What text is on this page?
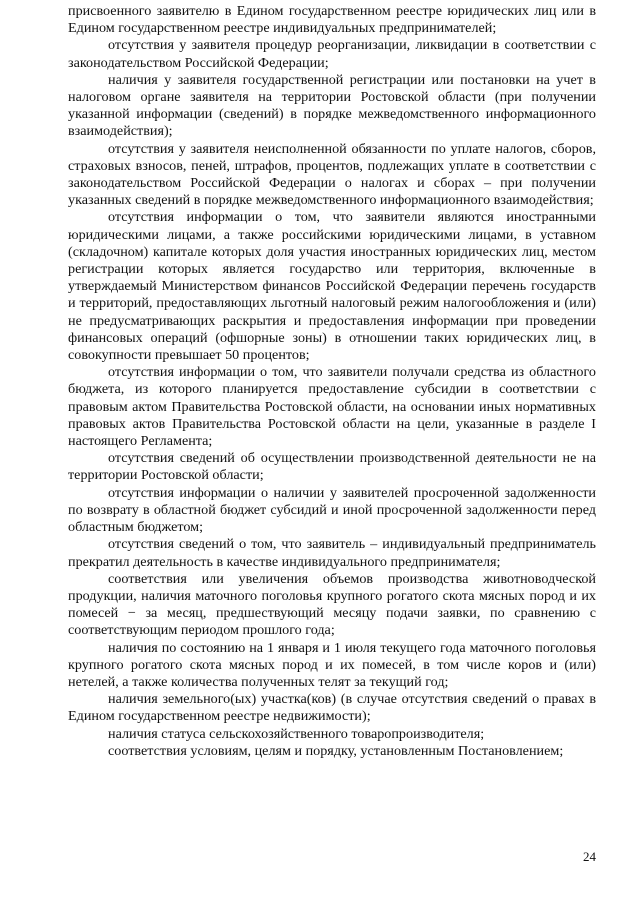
присвоенного заявителю в Едином государственном реестре юридических лиц или в Едином государственном реестре индивидуальных предпринимателей;

отсутствия у заявителя процедур реорганизации, ликвидации в соответствии с законодательством Российской Федерации;

наличия у заявителя государственной регистрации или постановки на учет в налоговом органе заявителя на территории Ростовской области (при получении указанной информации (сведений) в порядке межведомственного информационного взаимодействия);

отсутствия у заявителя неисполненной обязанности по уплате налогов, сборов, страховых взносов, пеней, штрафов, процентов, подлежащих уплате в соответствии с законодательством Российской Федерации о налогах и сборах – при получении указанных сведений в порядке межведомственного информационного взаимодействия;

отсутствия информации о том, что заявители являются иностранными юридическими лицами, а также российскими юридическими лицами, в уставном (складочном) капитале которых доля участия иностранных юридических лиц, местом регистрации которых является государство или территория, включенные в утверждаемый Министерством финансов Российской Федерации перечень государств и территорий, предоставляющих льготный налоговый режим налогообложения и (или) не предусматривающих раскрытия и предоставления информации при проведении финансовых операций (офшорные зоны) в отношении таких юридических лиц, в совокупности превышает 50 процентов;

отсутствия информации о том, что заявители получали средства из областного бюджета, из которого планируется предоставление субсидии в соответствии с правовым актом Правительства Ростовской области, на основании иных нормативных правовых актов Правительства Ростовской области на цели, указанные в разделе I настоящего Регламента;

отсутствия сведений об осуществлении производственной деятельности не на территории Ростовской области;

отсутствия информации о наличии у заявителей просроченной задолженности по возврату в областной бюджет субсидий и иной просроченной задолженности перед областным бюджетом;

отсутствия сведений о том, что заявитель – индивидуальный предприниматель прекратил деятельность в качестве индивидуального предпринимателя;

соответствия или увеличения объемов производства животноводческой продукции, наличия маточного поголовья крупного рогатого скота мясных пород и их помесей − за месяц, предшествующий месяцу подачи заявки, по сравнению с соответствующим периодом прошлого года;

наличия по состоянию на 1 января и 1 июля текущего года маточного поголовья крупного рогатого скота мясных пород и их помесей, в том числе коров и (или) нетелей, а также количества полученных телят за текущий год;

наличия земельного(ых) участка(ков) (в случае отсутствия сведений о правах в Едином государственном реестре недвижимости);

наличия статуса сельскохозяйственного товаропроизводителя;

соответствия условиям, целям и порядку, установленным Постановлением;

24
